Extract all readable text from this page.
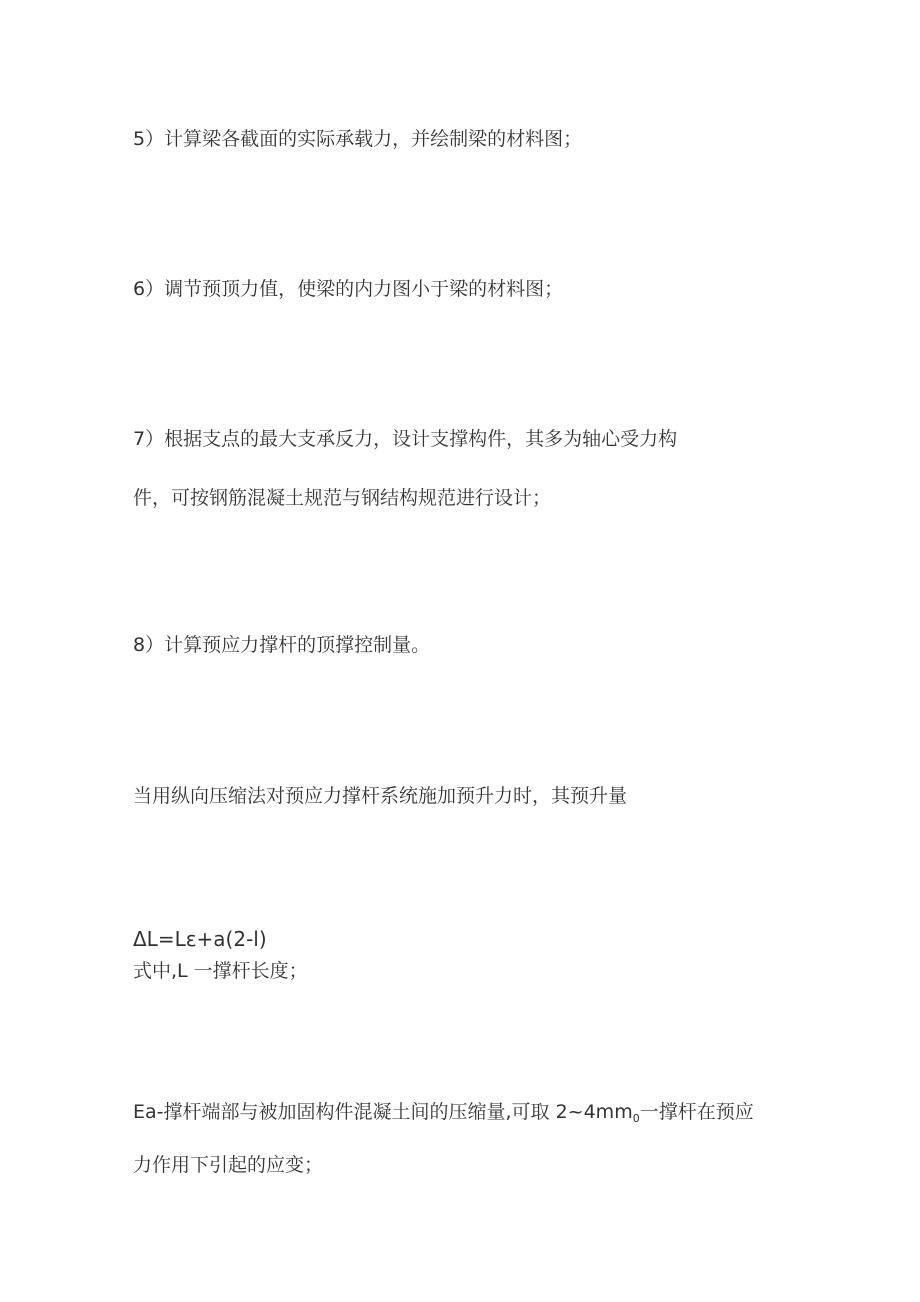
5）计算梁各截面的实际承载力，并绘制梁的材料图；
6）调节预顶力值，使梁的内力图小于梁的材料图；
7）根据支点的最大支承反力，设计支撑构件，其多为轴心受力构
件，可按钢筋混凝土规范与钢结构规范进行设计；
8）计算预应力撑杆的顶撑控制量。
当用纵向压缩法对预应力撑杆系统施加预升力时，其预升量
ΔL=Lε+a(2-l)
式中,L 一撑杆长度；
Ea-撑杆端部与被加固构件混凝土间的压缩量,可取 $2\sim 4mm_0$一撑杆在预应
力作用下引起的应变；
